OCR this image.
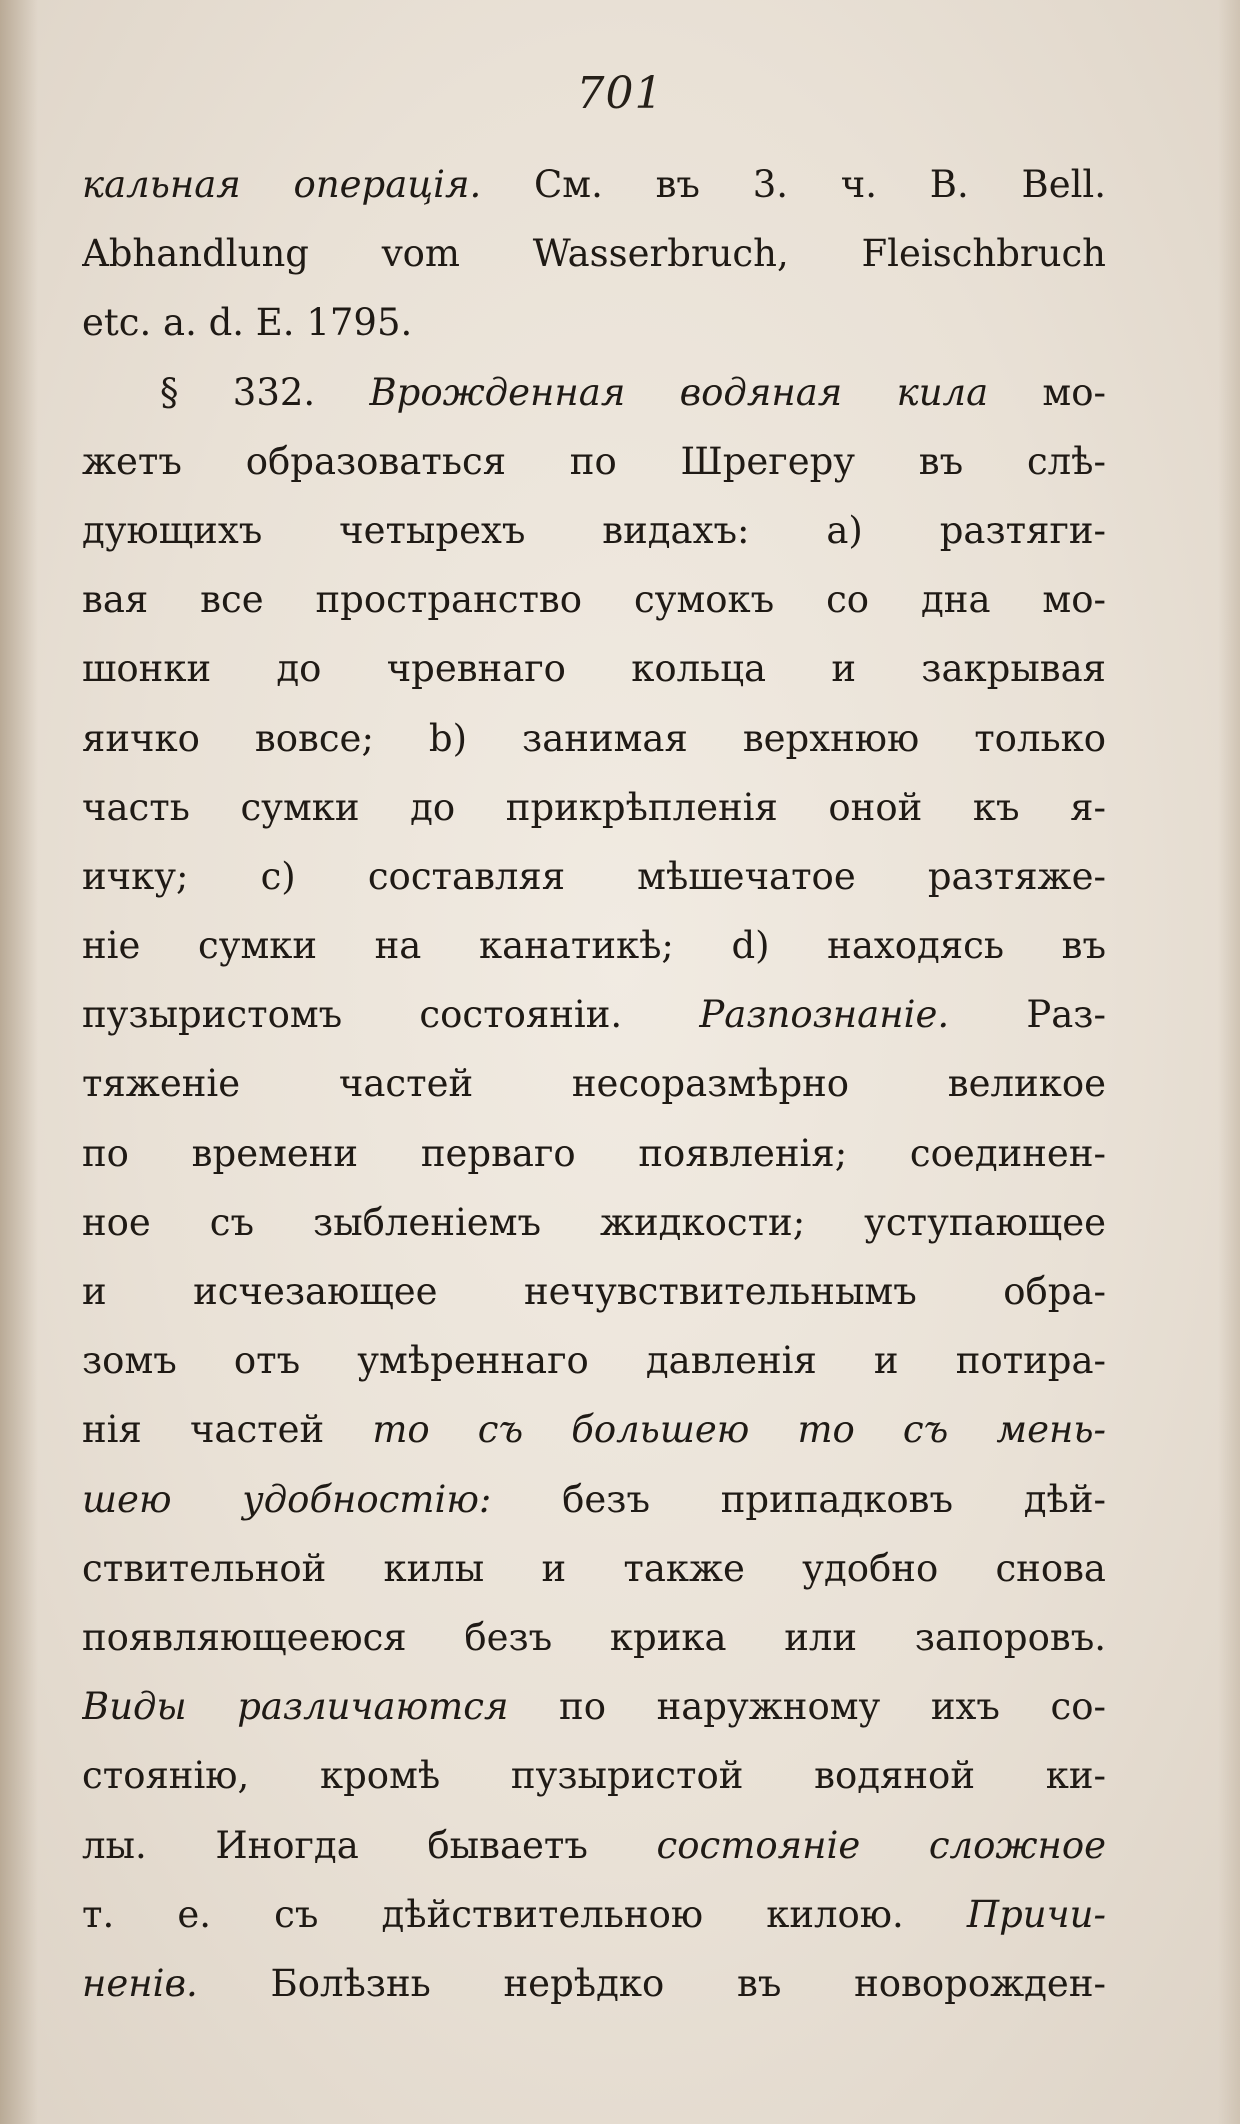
701
кальная операція. См. въ 3. ч. B. Bell.
Abhandlung vom Wasserbruch, Fleischbruch
etc. a. d. E. 1795.
§ 332. Врожденная водяная кила мо-
жетъ образоваться по Шрегеру въ слѣ-
дующихъ четырехъ видахъ: а) разтяги-
вая все пространство сумокъ со дна мо-
шонки до чревнаго кольца и закрывая
яичко вовсе; b) занимая верхнюю только
часть сумки до прикрѣпленія оной къ я-
ичку; c) составляя мѣшечатое разтяже-
ніе сумки на канатикѣ; d) находясь въ
пузыристомъ состояніи. Разпознаніе. Раз-
тяженіе частей несоразмѣрно великое
по времени перваго появленія; соединен-
ное съ зыбленіемъ жидкости; уступающее
и исчезающее нечувствительнымъ обра-
зомъ отъ умѣреннаго давленія и потира-
нія частей то съ большею то съ мень-
шею удобностію: безъ припадковъ дѣй-
ствительной килы и также удобно снова
появляющееюся безъ крика или запоровъ.
Виды различаются по наружному ихъ со-
стоянію, кромѣ пузыристой водяной ки-
лы. Иногда бываетъ состояніе сложное
т. е. съ дѣйствительною килою. Причи-
ненів. Болѣзнь нерѣдко въ новорожден-
